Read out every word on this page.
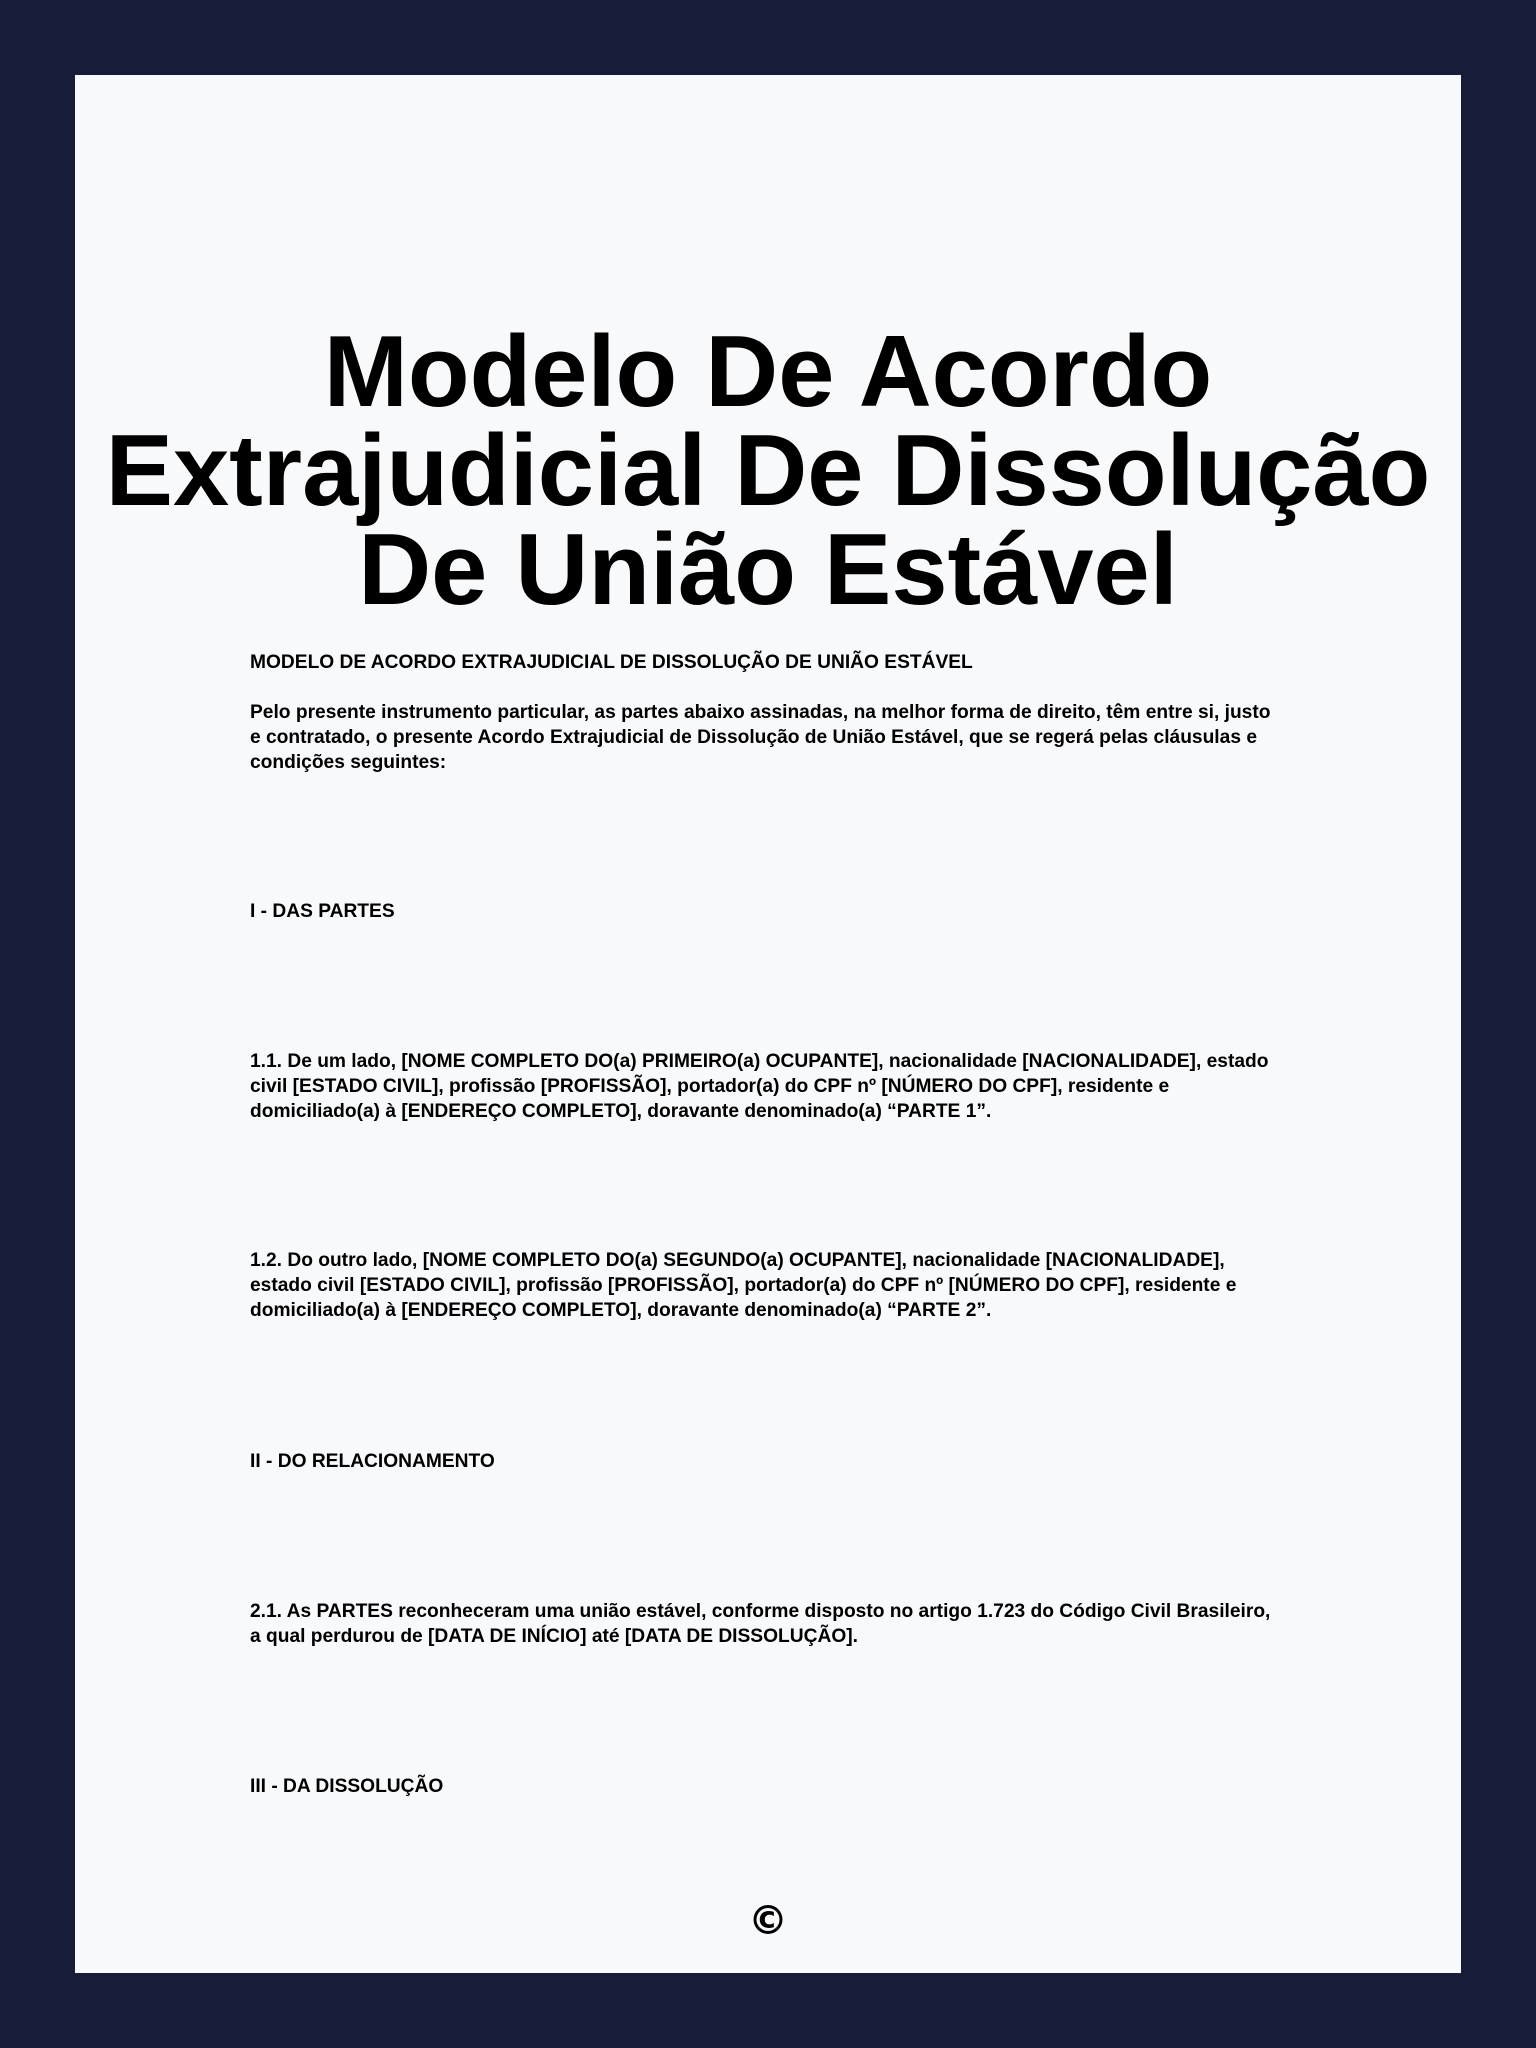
Modelo De Acordo Extrajudicial De Dissolução De União Estável

MODELO DE ACORDO EXTRAJUDICIAL DE DISSOLUÇÃO DE UNIÃO ESTÁVEL

Pelo presente instrumento particular, as partes abaixo assinadas, na melhor forma de direito, têm entre si, justo e contratado, o presente Acordo Extrajudicial de Dissolução de União Estável, que se regerá pelas cláusulas e condições seguintes:

I - DAS PARTES

1.1. De um lado, [NOME COMPLETO DO(a) PRIMEIRO(a) OCUPANTE], nacionalidade [NACIONALIDADE], estado civil [ESTADO CIVIL], profissão [PROFISSÃO], portador(a) do CPF nº [NÚMERO DO CPF], residente e domiciliado(a) à [ENDEREÇO COMPLETO], doravante denominado(a) “PARTE 1”.

1.2. Do outro lado, [NOME COMPLETO DO(a) SEGUNDO(a) OCUPANTE], nacionalidade [NACIONALIDADE], estado civil [ESTADO CIVIL], profissão [PROFISSÃO], portador(a) do CPF nº [NÚMERO DO CPF], residente e domiciliado(a) à [ENDEREÇO COMPLETO], doravante denominado(a) “PARTE 2”.

II - DO RELACIONAMENTO

2.1. As PARTES reconheceram uma união estável, conforme disposto no artigo 1.723 do Código Civil Brasileiro, a qual perdurou de [DATA DE INÍCIO] até [DATA DE DISSOLUÇÃO].

III - DA DISSOLUÇÃO

©
